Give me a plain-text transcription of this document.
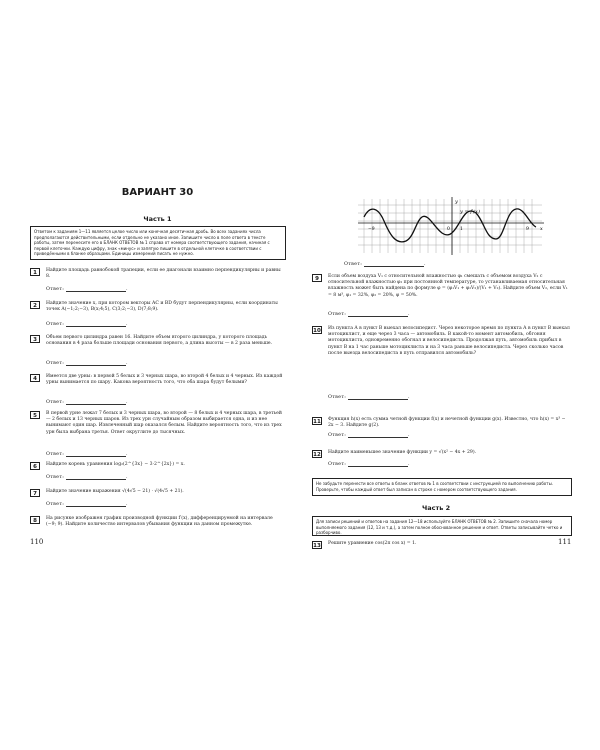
ВАРИАНТ 30
Часть 1
Ответом к заданиям 1—11 является целое число или конечная десятичная дробь. Во всех заданиях числа предполагаются действительными, если отдельно не указано иное. Запишите число в поле ответа в тексте работы, затем перенесите его в БЛАНК ОТВЕТОВ № 1 справа от номера соответствующего задания, начиная с первой клеточки. Каждую цифру, знак «минус» и запятую пишите в отдельной клеточке в соответствии с приведёнными в бланке образцами. Единицы измерений писать не нужно.
1	Найдите площадь равнобокой трапеции, если ее диагонали взаимно перпендикулярны и равны 8.
Ответ:	.
2	Найдите значение x, при котором векторы AC и BD будут перпендикулярны, если координаты точек A(−1;2;−3), B(x;4;5), C(3;2;−3), D(7;8;9).
Ответ:	.
3	Объем первого цилиндра равен 16. Найдите объем второго цилиндра, у которого площадь основания в 4 раза больше площади основания первого, а длина высоты — в 2 раза меньше.
Ответ:	.
4	Имеется две урны: в первой 5 белых и 3 черных шара, во второй 4 белых и 4 черных. Из каждой урны вынимается по шару. Какова вероятность того, что оба шара будут белыми?
Ответ:	.
5	В первой урне лежат 7 белых и 3 черных шара, во второй — 8 белых и 4 черных шара, в третьей — 2 белых и 13 черных шаров. Из трех урн случайным образом выбирается одна, и из нее вынимают один шар. Извлеченный шар оказался белым. Найдите вероятность того, что из трех урн была выбрана третья. Ответ округлите до тысячных.
Ответ:	.
6	Найдите корень уравнения log₂(2^{3x} − 3·2^{2x}) = x.
Ответ:	.
7	Найдите значение выражения √(4√5 − 21) · √(4√5 + 21).
Ответ:	.
8	На рисунке изображен график производной функции f′(x), дифференцируемой на интервале (−9; 9). Найдите количество интервалов убывания функции на данном промежутке.
110
y
x
y = f′(x)
−9	0 1	9
Ответ:	.
9	Если объем воздуха V₁ с относительной влажностью φ₁ смешать с объемом воздуха V₂ с относительной влажностью φ₂ при постоянной температуре, то устанавливаемая относительная влажность может быть найдена по формуле φ = (φ₁V₁ + φ₂V₂)/(V₁ + V₂). Найдите объем V₂, если V₁ = 8 м³, φ₁ = 32%, φ₂ = 20%, φ = 50%.
Ответ:	.
10 Из пункта A в пункт B выехал велосипедист. Через некоторое время по пункта A в пункт B выехал мотоциклист, и еще через 3 часа — автомобиль. В какой-то момент автомобиль, обгоняя мотоциклиста, одновременно обогнал и велосипедиста. Продолжая путь, автомобиль прибыл в пункт B на 1 час раньше мотоциклиста и на 3 часа раньше велосипедиста. Через сколько часов после выезда велосипедиста в путь отправился автомобиль?
Ответ:	.
11 Функция h(x) есть сумма четной функции f(x) и нечетной функции g(x). Известно, что h(x) = x³ − 2x − 3. Найдите g(2).
Ответ:	.
12 Найдите наименьшее значение функции y = √(x² − 4x + 29).
Ответ:	.
Не забудьте перенести все ответы в бланк ответов № 1 в соответствии с инструкцией по выполнению работы. Проверьте, чтобы каждый ответ был записан в строке с номером соответствующего задания.
Часть 2
Для записи решений и ответов на задания 12—18 используйте БЛАНК ОТВЕТОВ № 2. Запишите сначала номер выполняемого задания (12, 13 и т.д.), а затем полное обоснованное решение и ответ. Ответы записывайте четко и разборчиво.
13 Решите уравнение cos(2π cos x) = 1.	111
